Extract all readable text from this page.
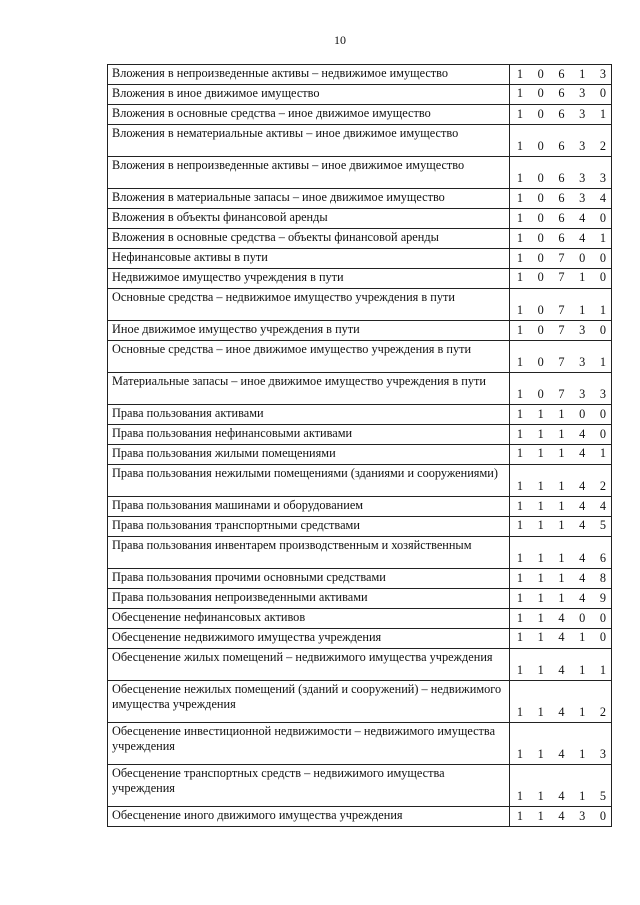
10
Вложения в непроизведенные активы – недвижимое имущество	1 0 6 1 3

Вложения в иное движимое имущество	1 0 6 3 0

Вложения в основные средства – иное движимое имущество	1 0 6 3 1

Вложения в нематериальные активы – иное движимое имущество	1 0 6 3 2

Вложения в непроизведенные активы – иное движимое имущество	1 0 6 3 3

Вложения в материальные запасы – иное движимое имущество	1 0 6 3 4

Вложения в объекты финансовой аренды	1 0 6 4 0

Вложения в основные средства – объекты финансовой аренды	1 0 6 4 1

Нефинансовые активы в пути	1 0 7 0 0

Недвижимое имущество учреждения в пути	1 0 7 1 0

Основные средства – недвижимое имущество учреждения в пути	1 0 7 1 1

Иное движимое имущество учреждения в пути	1 0 7 3 0

Основные средства – иное движимое имущество учреждения в пути	1 0 7 3 1

Материальные запасы – иное движимое имущество учреждения в пути	1 0 7 3 3

Права пользования активами	1 1 1 0 0

Права пользования нефинансовыми активами	1 1 1 4 0

Права пользования жилыми помещениями	1 1 1 4 1

Права пользования нежилыми помещениями (зданиями и сооружениями)	1 1 1 4 2

Права пользования машинами и оборудованием	1 1 1 4 4

Права пользования транспортными средствами	1 1 1 4 5

Права пользования инвентарем производственным и хозяйственным	1 1 1 4 6

Права пользования прочими основными средствами	1 1 1 4 8

Права пользования непроизведенными активами	1 1 1 4 9

Обесценение нефинансовых активов	1 1 4 0 0

Обесценение недвижимого имущества учреждения	1 1 4 1 0

Обесценение жилых помещений – недвижимого имущества учреждения	1 1 4 1 1

Обесценение нежилых помещений (зданий и сооружений) – недвижимого имущества учреждения	1 1 4 1 2

Обесценение инвестиционной недвижимости – недвижимого имущества учреждения	1 1 4 1 3

Обесценение транспортных средств – недвижимого имущества учреждения	1 1 4 1 5

Обесценение иного движимого имущества учреждения	1 1 4 3 0
